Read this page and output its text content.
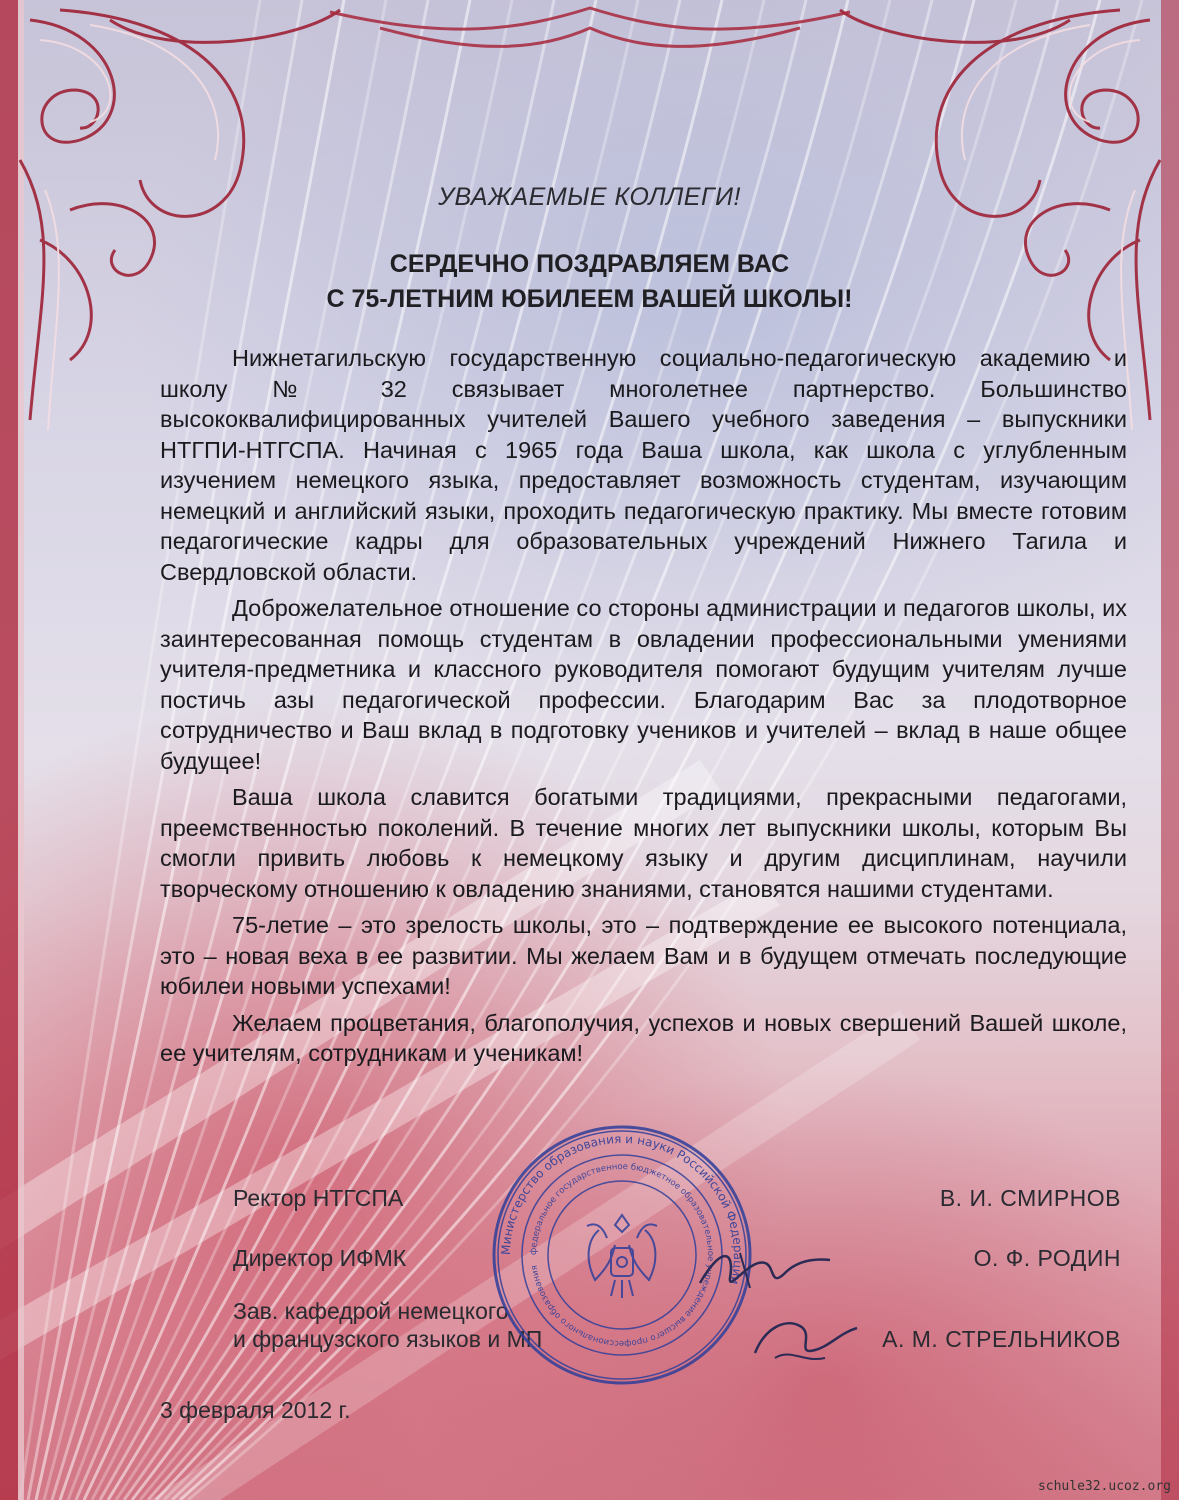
УВАЖАЕМЫЕ КОЛЛЕГИ!
СЕРДЕЧНО ПОЗДРАВЛЯЕМ ВАС
С 75-ЛЕТНИМ ЮБИЛЕЕМ ВАШЕЙ ШКОЛЫ!

Нижнетагильскую государственную социально-педагогическую академию и школу № 32 связывает многолетнее партнерство. Большинство высококвалифицированных учителей Вашего учебного заведения – выпускники НТГПИ-НТГСПА. Начиная с 1965 года Ваша школа, как школа с углубленным изучением немецкого языка, предоставляет возможность студентам, изучающим немецкий и английский языки, проходить педагогическую практику. Мы вместе готовим педагогические кадры для образовательных учреждений Нижнего Тагила и Свердловской области.

Доброжелательное отношение со стороны администрации и педагогов школы, их заинтересованная помощь студентам в овладении профессиональными умениями учителя-предметника и классного руководителя помогают будущим учителям лучше постичь азы педагогической профессии. Благодарим Вас за плодотворное сотрудничество и Ваш вклад в подготовку учеников и учителей – вклад в наше общее будущее!

Ваша школа славится богатыми традициями, прекрасными педагогами, преемственностью поколений. В течение многих лет выпускники школы, которым Вы смогли привить любовь к немецкому языку и другим дисциплинам, научили творческому отношению к овладению знаниями, становятся нашими студентами.

75-летие – это зрелость школы, это – подтверждение ее высокого потенциала, это – новая веха в ее развитии. Мы желаем Вам и в будущем отмечать последующие юбилеи новыми успехами!

Желаем процветания, благополучия, успехов и новых свершений Вашей школе, ее учителям, сотрудникам и ученикам!

Ректор НТГСПА	В. И. СМИРНОВ
Директор ИФМК	О. Ф. РОДИН
Зав. кафедрой немецкого
и французского языков и МП	А. М. СТРЕЛЬНИКОВ
3 февраля 2012 г.
schule32.ucoz.org
Министерство образования и науки Российской Федерации
федеральное государственное бюджетное образовательное учреждение высшего профессионального образования
